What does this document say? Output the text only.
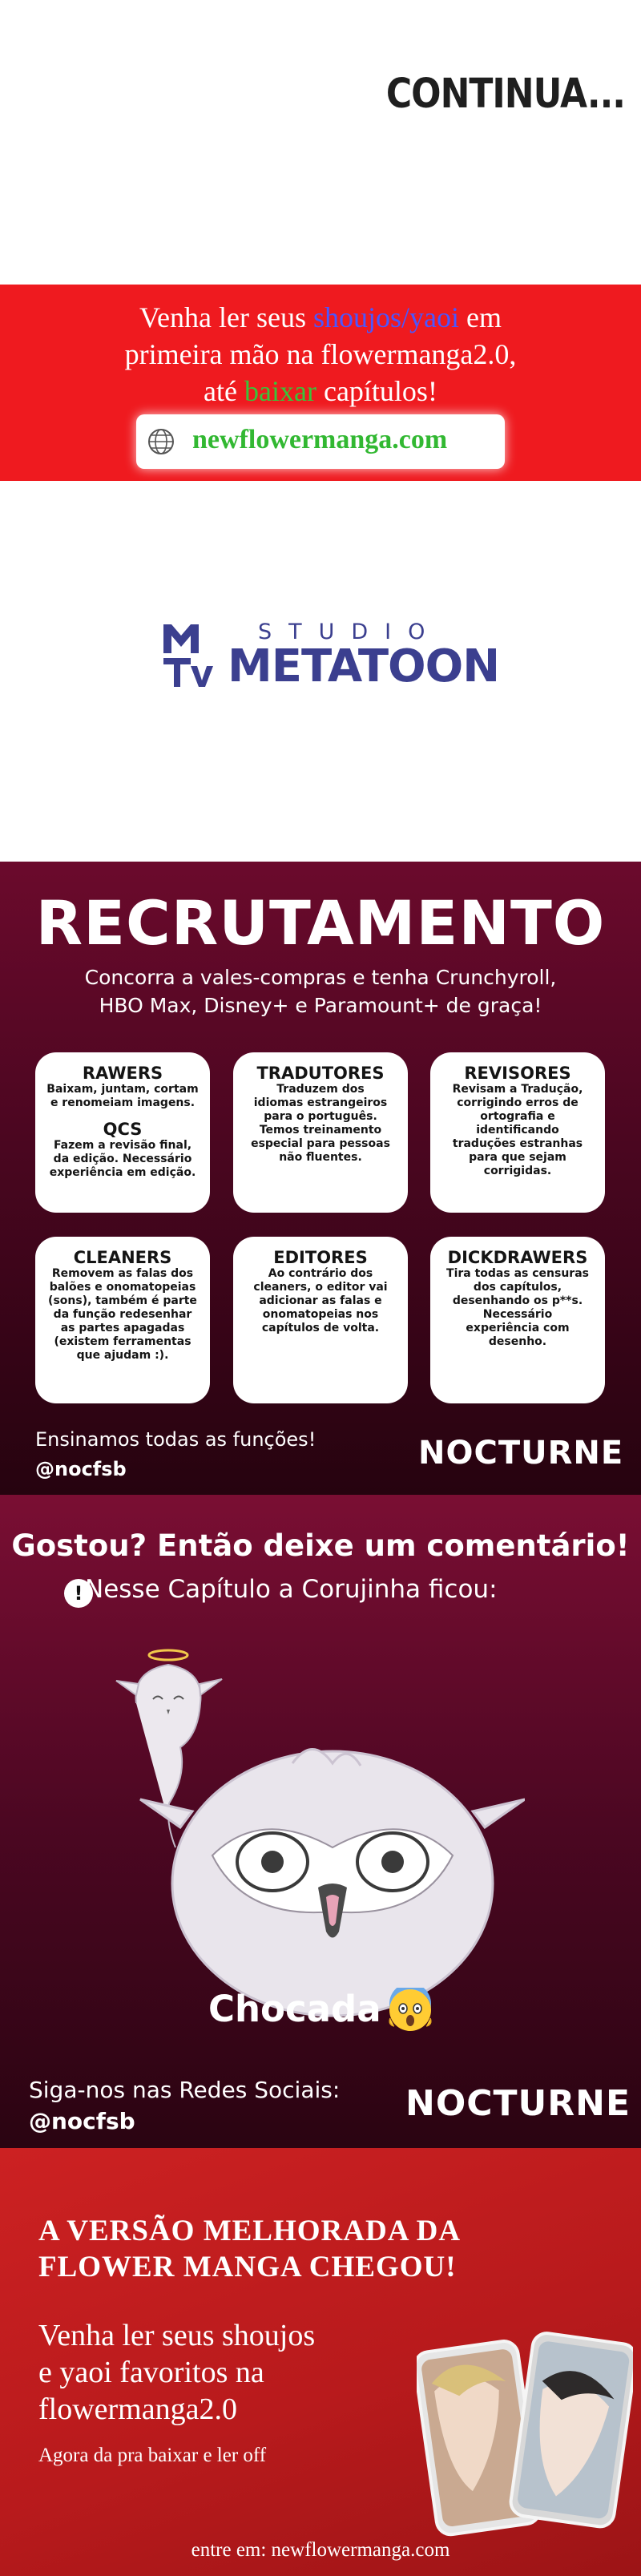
CONTINUA...
Venha ler seus shoujos/yaoi em
primeira mão na flowermanga2.0,
até baixar capítulos!
newflowermanga.com
STUDIO
METATOON
RECRUTAMENTO
Concorra a vales-compras e tenha Crunchyroll,
HBO Max, Disney+ e Paramount+ de graça!
RAWERS
Baixam, juntam, cortam
e renomeiam imagens.
QCS
Fazem a revisão final,
da edição. Necessário
experiência em edição.
TRADUTORES
Traduzem dos
idiomas estrangeiros
para o português.
Temos treinamento
especial para pessoas
não fluentes.
REVISORES
Revisam a Tradução,
corrigindo erros de
ortografia e
identificando
traduções estranhas
para que sejam
corrigidas.
CLEANERS
Removem as falas dos
balões e onomatopeias
(sons), também é parte
da função redesenhar
as partes apagadas
(existem ferramentas
que ajudam :).
EDITORES
Ao contrário dos
cleaners, o editor vai
adicionar as falas e
onomatopeias nos
capítulos de volta.
DICKDRAWERS
Tira todas as censuras
dos capítulos,
desenhando os p**s.
Necessário
experiência com
desenho.
Ensinamos todas as funções!
@nocfsb	NOCTURNE
Gostou? Então deixe um comentário!
! Nesse Capítulo a Corujinha ficou:
Chocada
Siga-nos nas Redes Sociais:
@nocfsb	NOCTURNE
A VERSÃO MELHORADA DA
FLOWER MANGA CHEGOU!
Venha ler seus shoujos
e yaoi favoritos na
flowermanga2.0
Agora da pra baixar e ler off
entre em: newflowermanga.com
